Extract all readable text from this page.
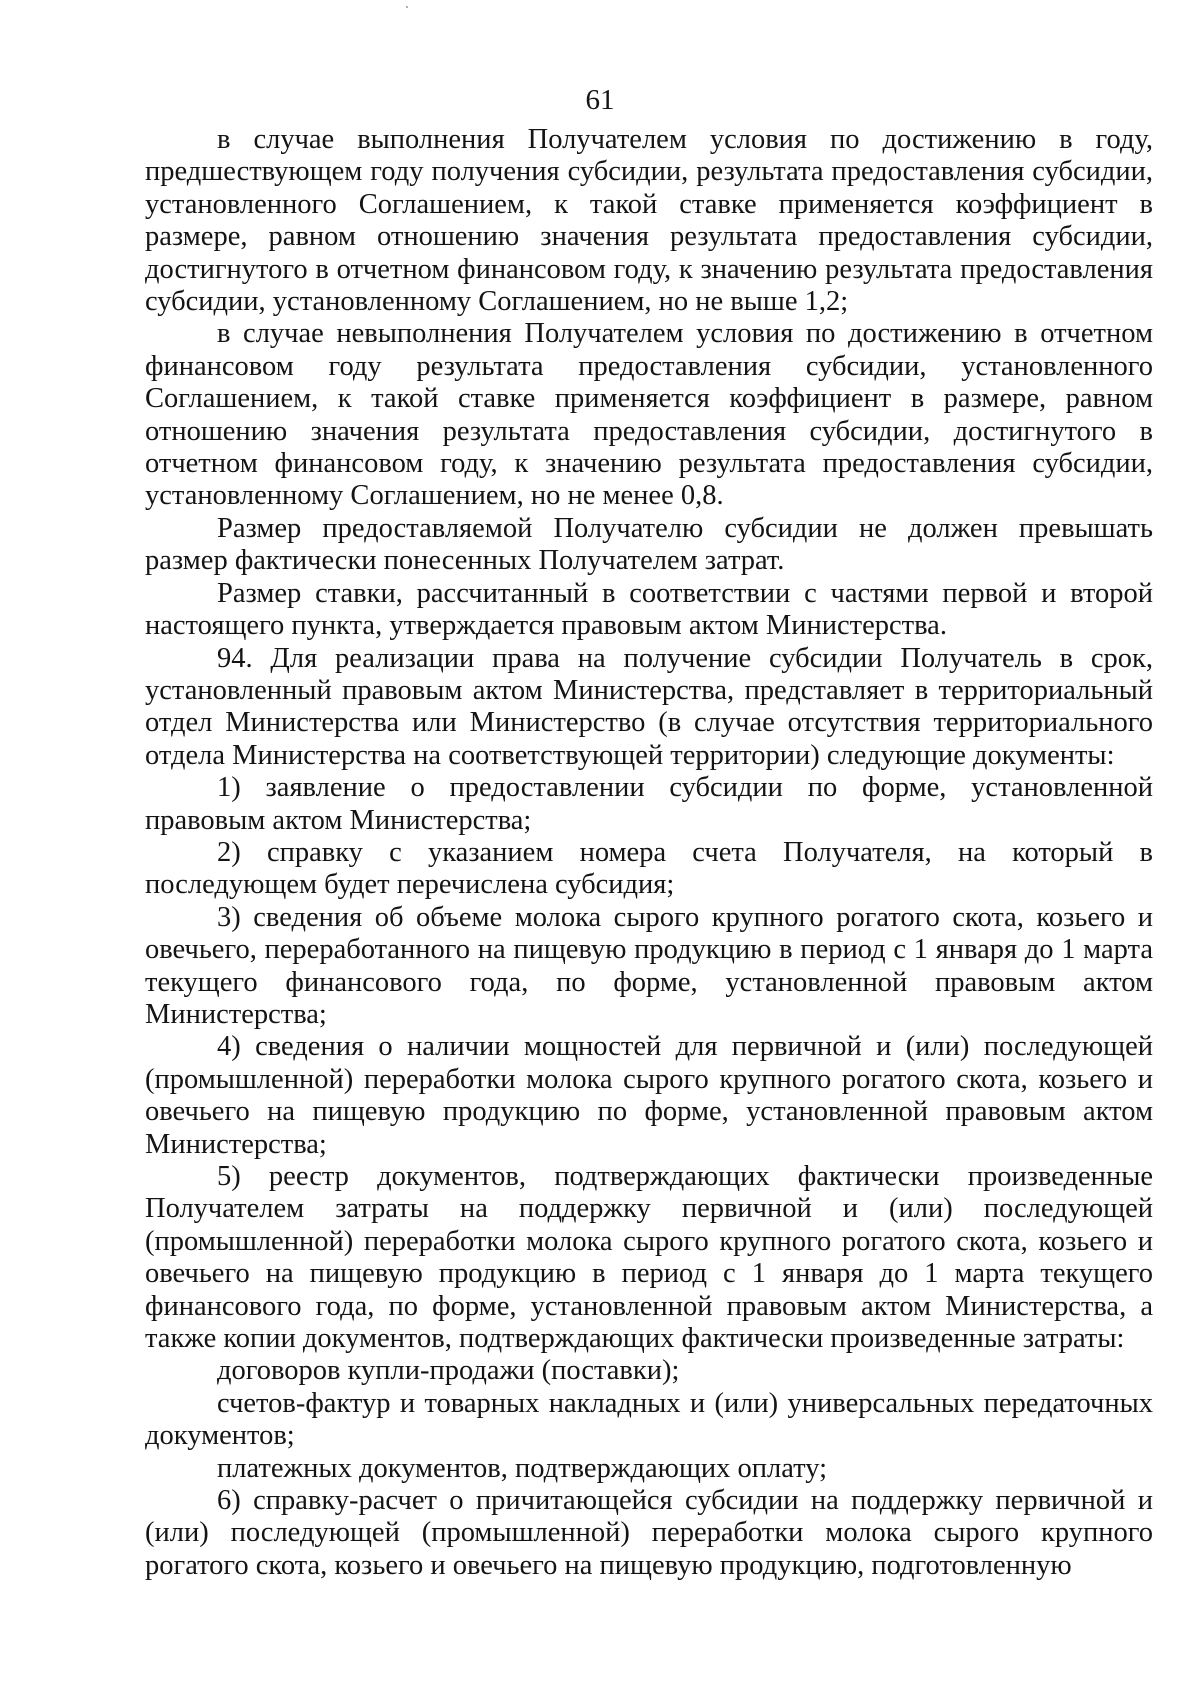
61

в случае выполнения Получателем условия по достижению в году, предшествующем году получения субсидии, результата предоставления субсидии, установленного Соглашением, к такой ставке применяется коэффициент в размере, равном отношению значения результата предоставления субсидии, достигнутого в отчетном финансовом году, к значению результата предоставления субсидии, установленному Соглашением, но не выше 1,2;

в случае невыполнения Получателем условия по достижению в отчетном финансовом году результата предоставления субсидии, установленного Соглашением, к такой ставке применяется коэффициент в размере, равном отношению значения результата предоставления субсидии, достигнутого в отчетном финансовом году, к значению результата предоставления субсидии, установленному Соглашением, но не менее 0,8.

Размер предоставляемой Получателю субсидии не должен превышать размер фактически понесенных Получателем затрат.

Размер ставки, рассчитанный в соответствии с частями первой и второй настоящего пункта, утверждается правовым актом Министерства.

94. Для реализации права на получение субсидии Получатель в срок, установленный правовым актом Министерства, представляет в территориальный отдел Министерства или Министерство (в случае отсутствия территориального отдела Министерства на соответствующей территории) следующие документы:

1) заявление о предоставлении субсидии по форме, установленной правовым актом Министерства;

2) справку с указанием номера счета Получателя, на который в последующем будет перечислена субсидия;

3) сведения об объеме молока сырого крупного рогатого скота, козьего и овечьего, переработанного на пищевую продукцию в период с 1 января до 1 марта текущего финансового года, по форме, установленной правовым актом Министерства;

4) сведения о наличии мощностей для первичной и (или) последующей (промышленной) переработки молока сырого крупного рогатого скота, козьего и овечьего на пищевую продукцию по форме, установленной правовым актом Министерства;

5) реестр документов, подтверждающих фактически произведенные Получателем затраты на поддержку первичной и (или) последующей (промышленной) переработки молока сырого крупного рогатого скота, козьего и овечьего на пищевую продукцию в период с 1 января до 1 марта текущего финансового года, по форме, установленной правовым актом Министерства, а также копии документов, подтверждающих фактически произведенные затраты:

договоров купли-продажи (поставки);

счетов-фактур и товарных накладных и (или) универсальных передаточных документов;

платежных документов, подтверждающих оплату;

6) справку-расчет о причитающейся субсидии на поддержку первичной и (или) последующей (промышленной) переработки молока сырого крупного рогатого скота, козьего и овечьего на пищевую продукцию, подготовленную
